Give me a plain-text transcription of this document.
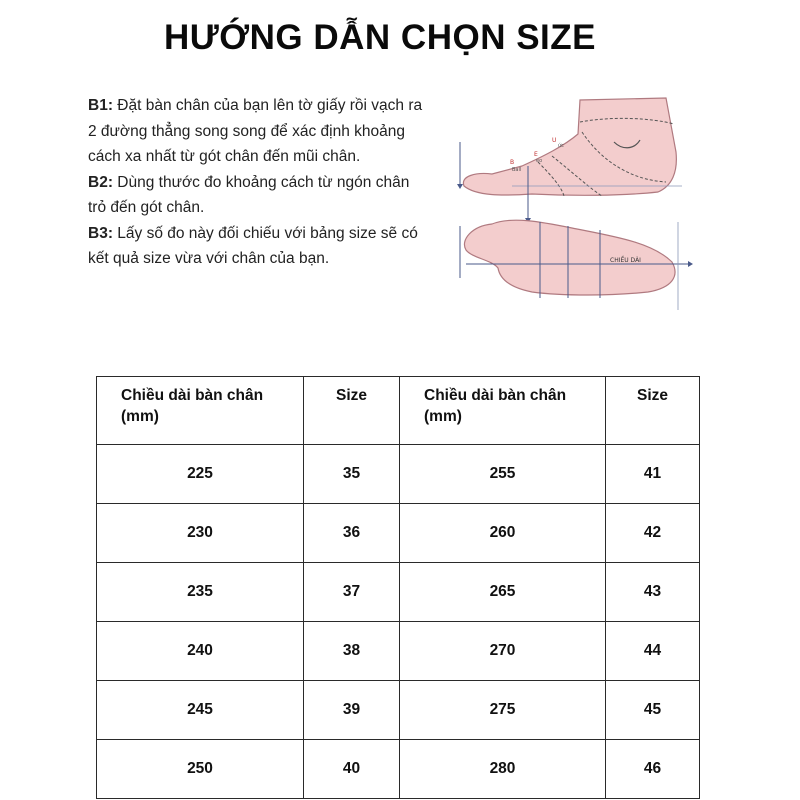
HƯỚNG DẪN CHỌN SIZE

B1: Đặt bàn chân của bạn lên tờ giấy rồi vạch ra 2 đường thẳng song song để xác định khoảng cách xa nhất từ gót chân đến mũi chân.

B2: Dùng thước đo khoảng cách từ ngón chân trỏ đến gót chân.

B3: Lấy số đo này đối chiếu với bảng size sẽ có kết quả size vừa với chân của bạn.

U
ức
E
eo
B
Ball
CHIỀU DÀI
Chiều dài bàn chân (mm)	Size	Chiều dài bàn chân (mm)	Size
225	35	255	41
230	36	260	42
235	37	265	43
240	38	270	44
245	39	275	45
250	40	280	46
